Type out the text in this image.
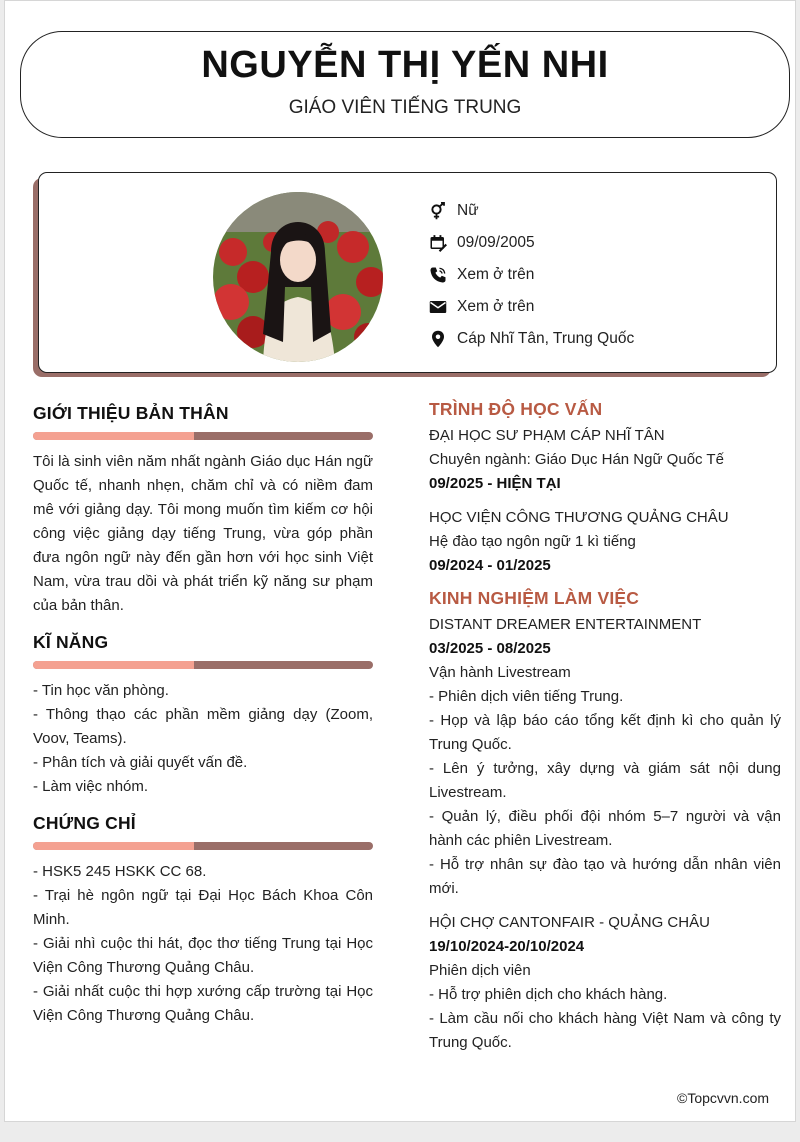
NGUYỄN THỊ YẾN NHI
GIÁO VIÊN TIẾNG TRUNG
Nữ
09/09/2005
Xem ở trên
Xem ở trên
Cáp Nhĩ Tân, Trung Quốc
GIỚI THIỆU BẢN THÂN
Tôi là sinh viên năm nhất ngành Giáo dục Hán ngữ Quốc tế, nhanh nhẹn, chăm chỉ và có niềm đam mê với giảng dạy. Tôi mong muốn tìm kiếm cơ hội công việc giảng dạy tiếng Trung, vừa góp phần đưa ngôn ngữ này đến gần hơn với học sinh Việt Nam, vừa trau dồi và phát triển kỹ năng sư phạm của bản thân.
KĨ NĂNG
- Tin học văn phòng.
- Thông thạo các phần mềm giảng dạy (Zoom, Voov, Teams).
- Phân tích và giải quyết vấn đề.
- Làm việc nhóm.
CHỨNG CHỈ
- HSK5 245 HSKK CC 68.
- Trại hè ngôn ngữ tại Đại Học Bách Khoa Côn Minh.
- Giải nhì cuộc thi hát, đọc thơ tiếng Trung tại Học Viện Công Thương Quảng Châu.
- Giải nhất cuộc thi hợp xướng cấp trường tại Học Viện Công Thương Quảng Châu.
TRÌNH ĐỘ HỌC VẤN
ĐẠI HỌC SƯ PHẠM CÁP NHĨ TÂN
Chuyên ngành: Giáo Dục Hán Ngữ Quốc Tế
09/2025 - HIỆN TẠI
HỌC VIỆN CÔNG THƯƠNG QUẢNG CHÂU
Hệ đào tạo ngôn ngữ 1 kì tiếng
09/2024 - 01/2025
KINH NGHIỆM LÀM VIỆC
DISTANT DREAMER ENTERTAINMENT
03/2025 - 08/2025
Vận hành Livestream
- Phiên dịch viên tiếng Trung.
- Họp và lập báo cáo tổng kết định kì cho quản lý Trung Quốc.
- Lên ý tưởng, xây dựng và giám sát nội dung Livestream.
- Quản lý, điều phối đội nhóm 5–7 người và vận hành các phiên Livestream.
- Hỗ trợ nhân sự đào tạo và hướng dẫn nhân viên mới.
HỘI CHỢ CANTONFAIR - QUẢNG CHÂU
19/10/2024-20/10/2024
Phiên dịch viên
- Hỗ trợ phiên dịch cho khách hàng.
- Làm cầu nối cho khách hàng Việt Nam và công ty Trung Quốc.
©Topcvvn.com
